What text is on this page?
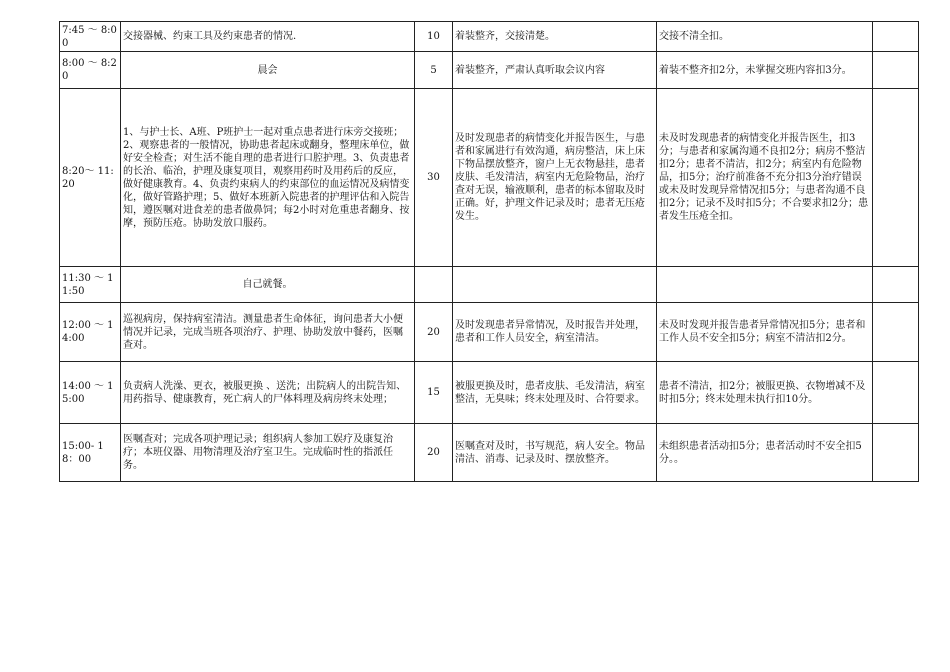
7:45 ～ 8:00	交接器械、约束工具及约束患者的情况.	10	着装整齐，交接清楚。	交接不清全扣。	
8:00 ～ 8:20	晨会	5	着装整齐，严肃认真听取会议内容	着装不整齐扣2分，未掌握交班内容扣3分。	
8:20～ 11:20	1、与护士长、A班、P班护士一起对重点患者进行床旁交接班；2、观察患者的一般情况，协助患者起床或翻身，整理床单位，做好安全检查；对生活不能自理的患者进行口腔护理。3、负责患者的长治、临治，护理及康复项目，观察用药时及用药后的反应，做好健康教育。4、负责约束病人的约束部位的血运情况及病情变化，做好管路护理；5、做好本班新入院患者的护理评估和入院告知，遵医嘱对进食差的患者做鼻饲；每2小时对危重患者翻身、按摩，预防压疮。协助发放口服药。	30	及时发现患者的病情变化并报告医生，与患者和家属进行有效沟通，病房整洁，床上床下物品摆放整齐，窗户上无衣物悬挂，患者皮肤、毛发清洁，病室内无危险物品，治疗查对无误，输液顺利，患者的标本留取及时正确。好，护理文件记录及时；患者无压疮发生。	未及时发现患者的病情变化并报告医生，扣3分；与患者和家属沟通不良扣2分；病房不整洁扣2分；患者不清洁，扣2分；病室内有危险物品，扣5分；治疗前准备不充分扣3分治疗错误或未及时发现异常情况扣5分；与患者沟通不良扣2分；记录不及时扣5分；不合要求扣2分；患者发生压疮全扣。	
11:30 ～ 11:50	自己就餐。				
12:00 ～ 14:00	巡视病房，保持病室清洁。测量患者生命体征，询问患者大小便情况并记录，完成当班各项治疗、护理、协助发放中餐药，医嘱查对。	20	及时发现患者异常情况，及时报告并处理，患者和工作人员安全，病室清洁。	未及时发现并报告患者异常情况扣5分；患者和工作人员不安全扣5分；病室不清洁扣2分。	
14:00 ～ 15:00	负责病人洗澡、更衣，被服更换 、送洗；出院病人的出院告知、用药指导、健康教育，死亡病人的尸体料理及病房终末处理；	15	被服更换及时，患者皮肤、毛发清洁，病室整洁，无臭味；终末处理及时、合符要求。	患者不清洁，扣2分；被服更换、衣物增减不及时扣5分；终末处理未执行扣10分。	
15:00- 18：00	医嘱查对；完成各项护理记录；组织病人参加工娱疗及康复治疗；本班仪器、用物清理及治疗室卫生。完成临时性的指派任务。	20	医嘱查对及时，书写规范，病人安全。物品清洁、消毒、记录及时、摆放整齐。	未组织患者活动扣5分；患者活动时不安全扣5分。。	
